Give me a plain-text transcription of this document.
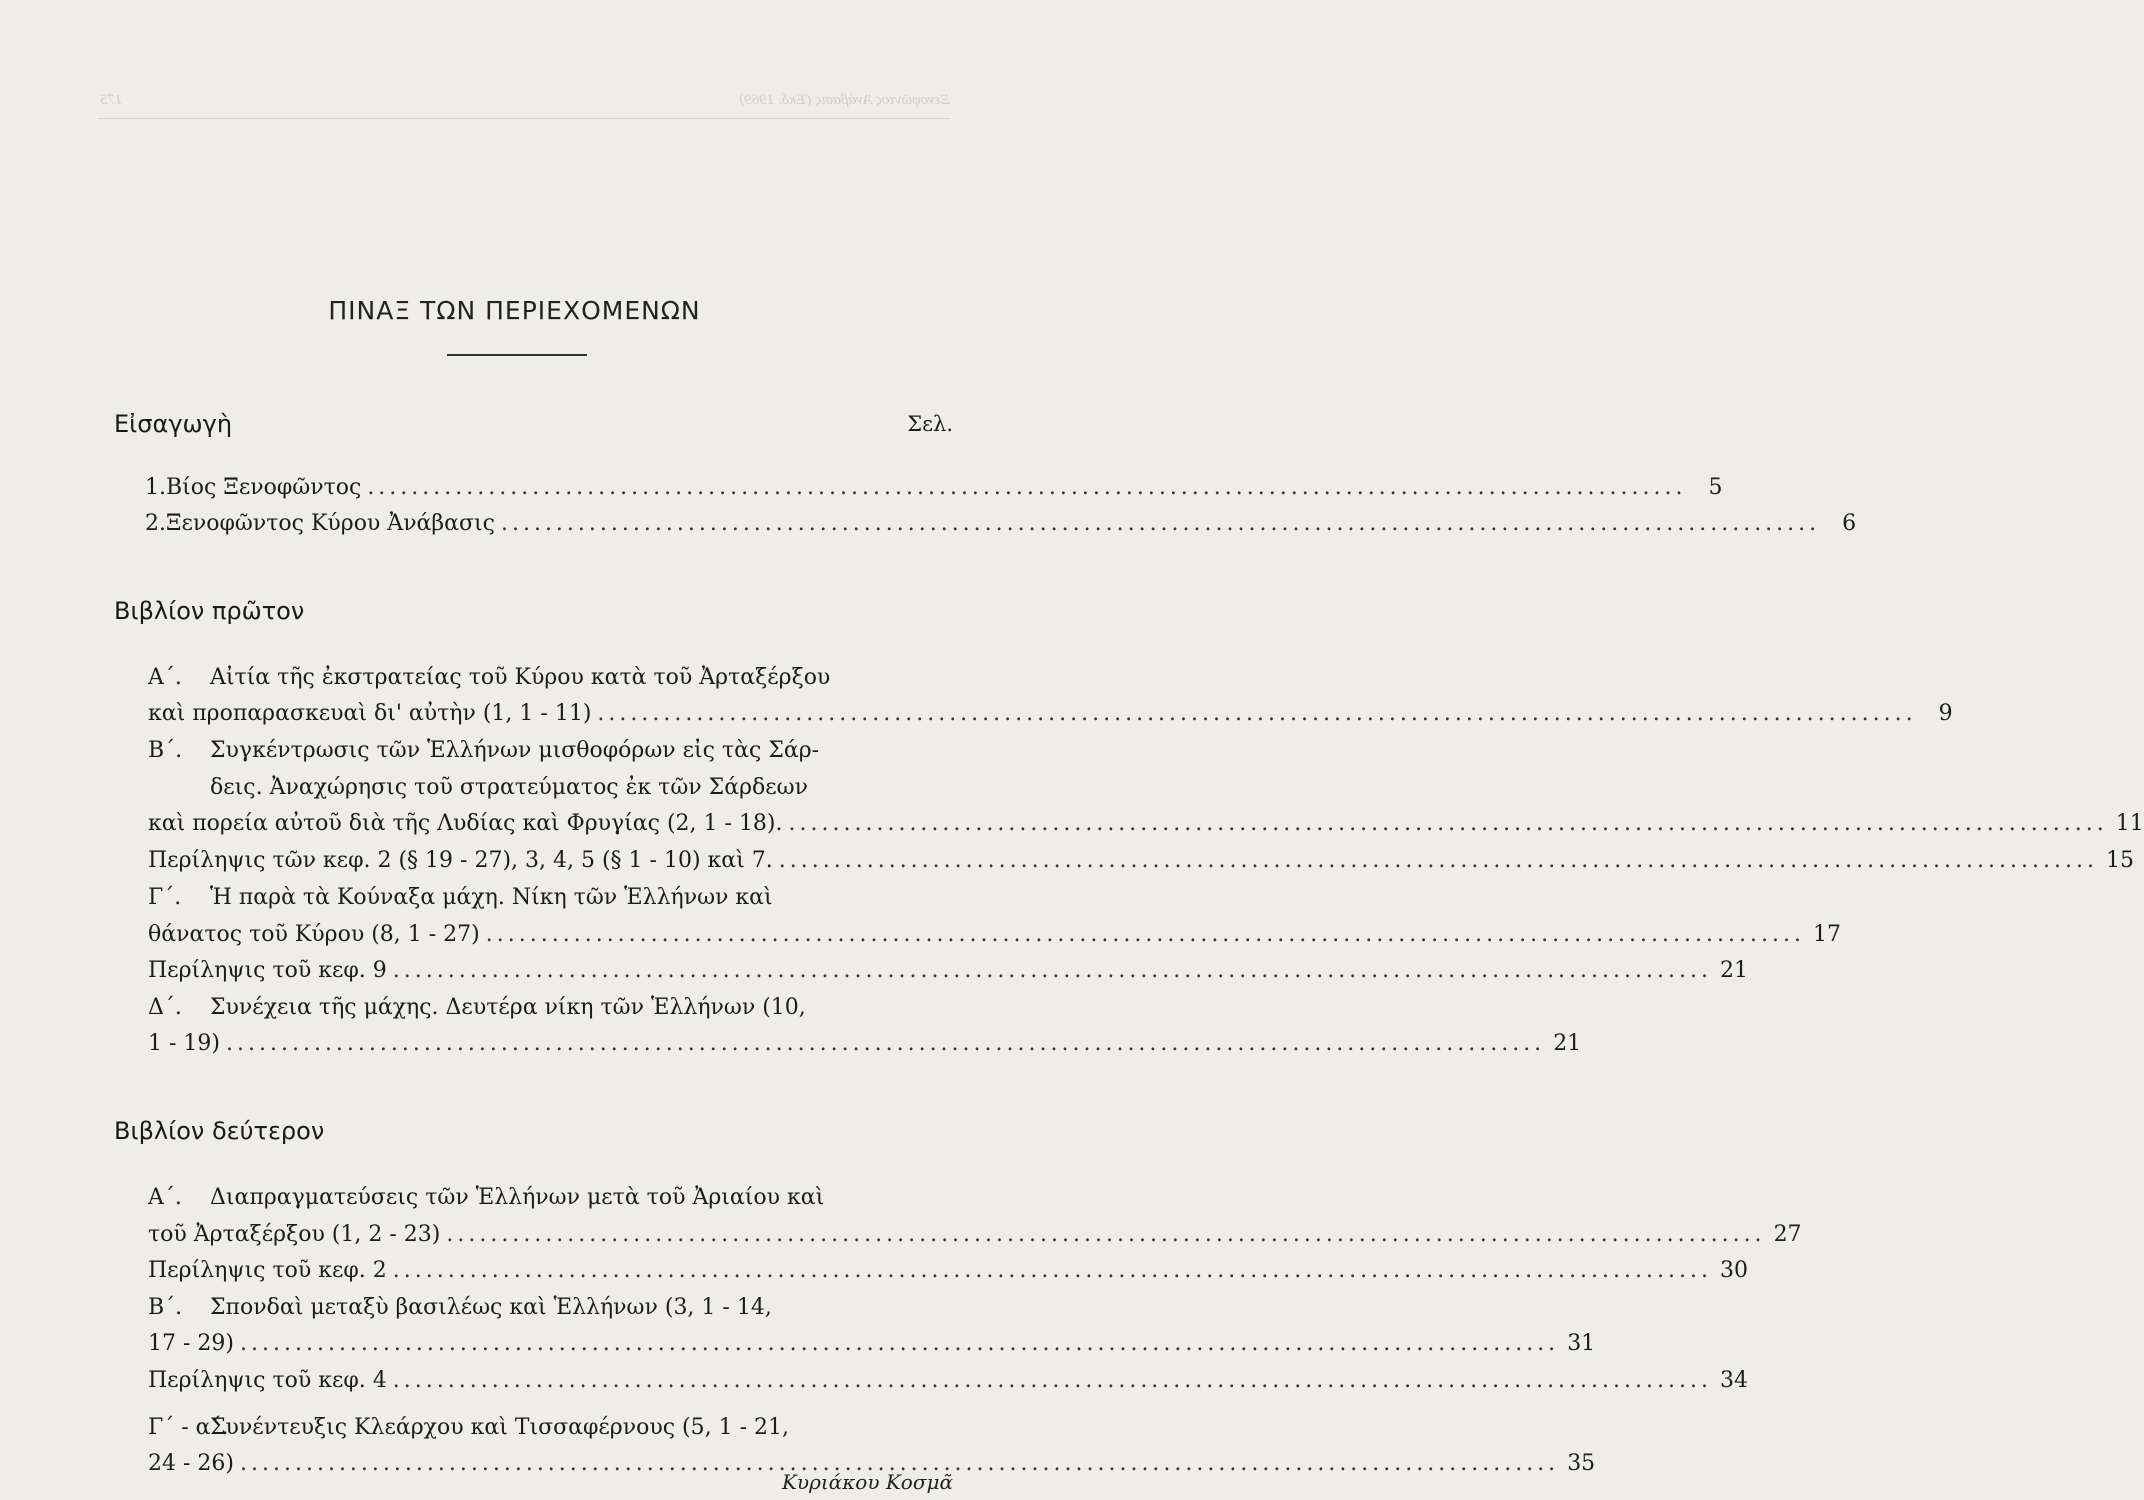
Ξενοφῶντος Ἀνάβασις (Ἐκδ. 1969)
175
ΠΙΝΑΞ ΤΩΝ ΠΕΡΙΕΧΟΜΕΝΩΝ
Εἰσαγωγὴ	Σελ.
1. Βίος Ξενοφῶντος ........................................................................................................................	5
2. Ξενοφῶντος Κύρου Ἀνάβασις ........................................................................................................................	6
Βιβλίον πρῶτον
Α΄.	Αἰτία τῆς ἐκστρατείας τοῦ Κύρου κατὰ τοῦ Ἀρταξέρξου
καὶ προπαρασκευαὶ δι' αὐτὴν (1, 1 - 11) ........................................................................................................................	9
Β΄.	Συγκέντρωσις τῶν Ἑλλήνων μισθοφόρων εἰς τὰς Σάρ-
δεις. Ἀναχώρησις τοῦ στρατεύματος ἐκ τῶν Σάρδεων
καὶ πορεία αὐτοῦ διὰ τῆς Λυδίας καὶ Φρυγίας (2, 1 - 18). ........................................................................................................................ 11
Περίληψις τῶν κεφ. 2 (§ 19 - 27), 3, 4, 5 (§ 1 - 10) καὶ 7. ........................................................................................................................ 15
Γ΄.	Ἡ παρὰ τὰ Κούναξα μάχη. Νίκη τῶν Ἑλλήνων καὶ
θάνατος τοῦ Κύρου (8, 1 - 27) ........................................................................................................................ 17
Περίληψις τοῦ κεφ. 9 ........................................................................................................................ 21
Δ΄.	Συνέχεια τῆς μάχης. Δευτέρα νίκη τῶν Ἑλλήνων (10,
1 - 19) ........................................................................................................................ 21
Βιβλίον δεύτερον
Α΄.	Διαπραγματεύσεις τῶν Ἑλλήνων μετὰ τοῦ Ἀριαίου καὶ
τοῦ Ἀρταξέρξου (1, 2 - 23) ........................................................................................................................ 27
Περίληψις τοῦ κεφ. 2 ........................................................................................................................ 30
Β΄.	Σπονδαὶ μεταξὺ βασιλέως καὶ Ἑλλήνων (3, 1 - 14,
17 - 29) ........................................................................................................................ 31
Περίληψις τοῦ κεφ. 4 ........................................................................................................................ 34
Γ΄ - α΄.
Συνέντευξις Κλεάρχου καὶ Τισσαφέρνους (5, 1 - 21,
24 - 26) ........................................................................................................................ 35
Κυριάκου Κοσμᾶ
